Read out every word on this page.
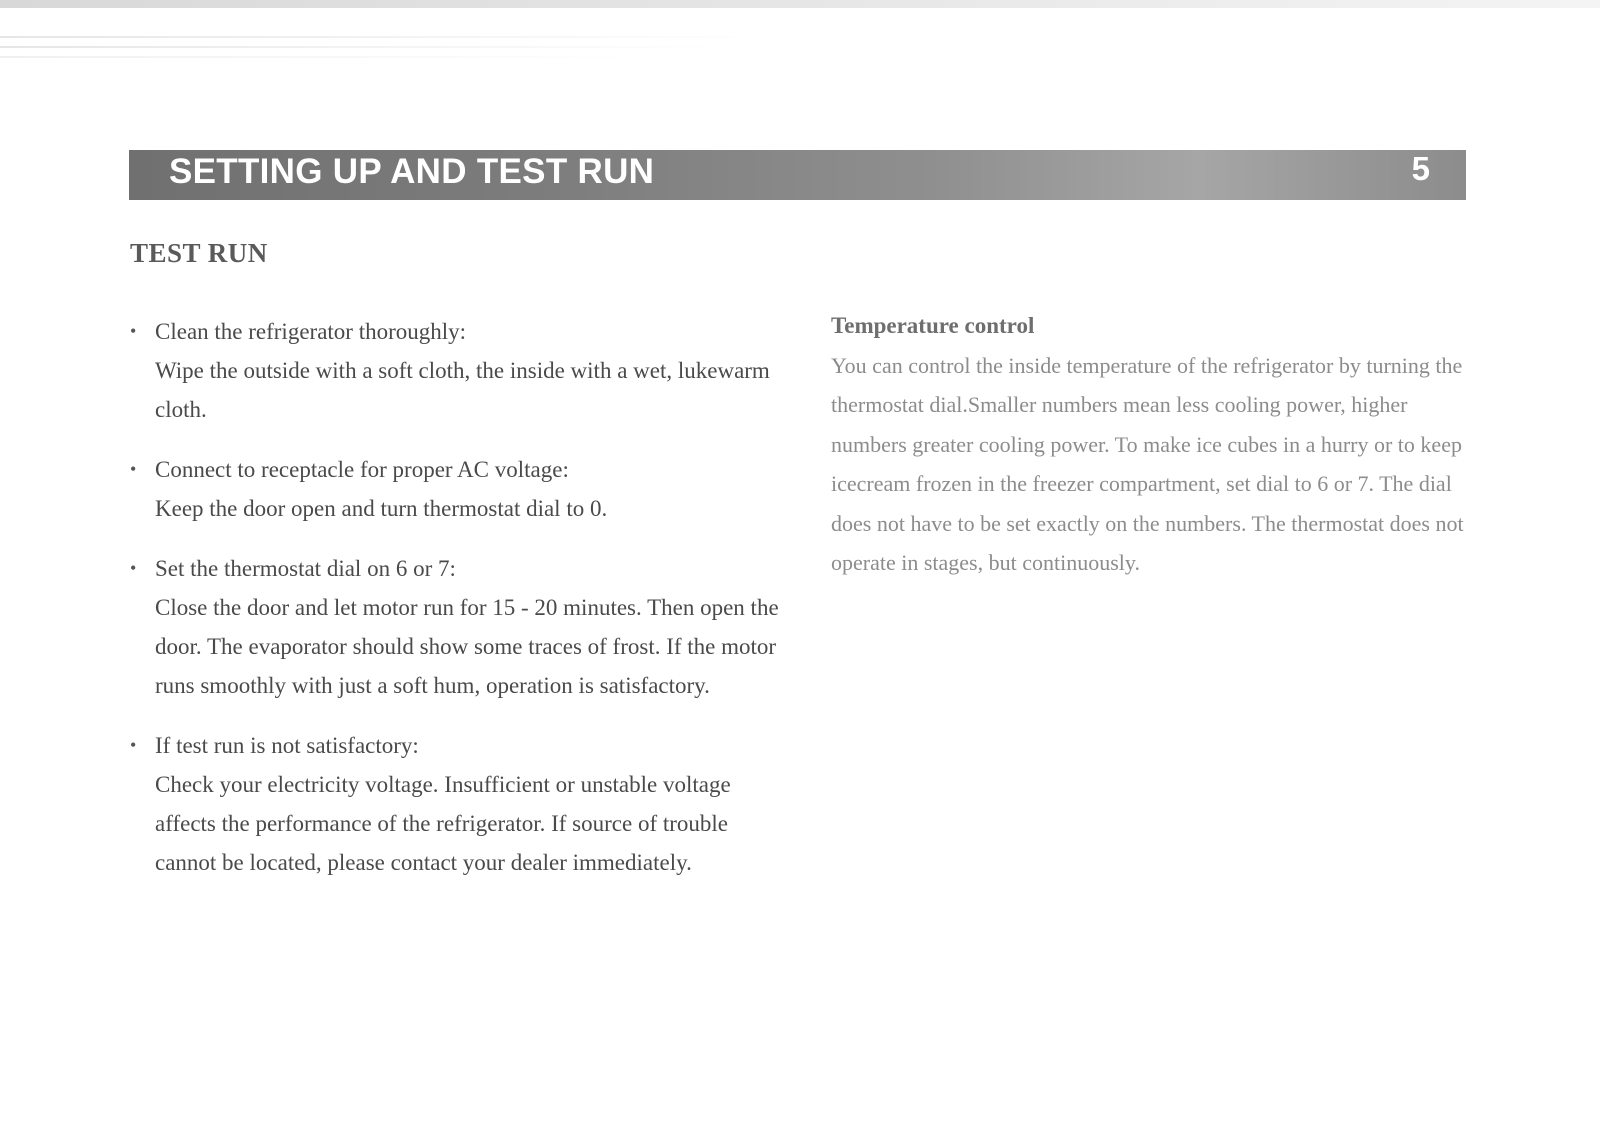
SETTING UP AND TEST RUN	5
TEST RUN
• Clean the refrigerator thoroughly:
Wipe the outside with a soft cloth, the inside with a wet, lukewarm cloth.
• Connect to receptacle for proper AC voltage:
Keep the door open and turn thermostat dial to 0.
• Set the thermostat dial on 6 or 7:
Close the door and let motor run for 15 - 20 minutes. Then open the door. The evaporator should show some traces of frost. If the motor runs smoothly with just a soft hum, operation is satisfactory.
• If test run is not satisfactory:
Check your electricity voltage. Insufficient or unstable voltage affects the performance of the refrigerator. If source of trouble cannot be located, please contact your dealer immediately.
Temperature control
You can control the inside temperature of the refrigerator by turning the thermostat dial.Smaller numbers mean less cooling power, higher numbers greater cooling power. To make ice cubes in a hurry or to keep icecream frozen in the freezer compartment, set dial to 6 or 7. The dial does not have to be set exactly on the numbers. The thermostat does not operate in stages, but continuously.
